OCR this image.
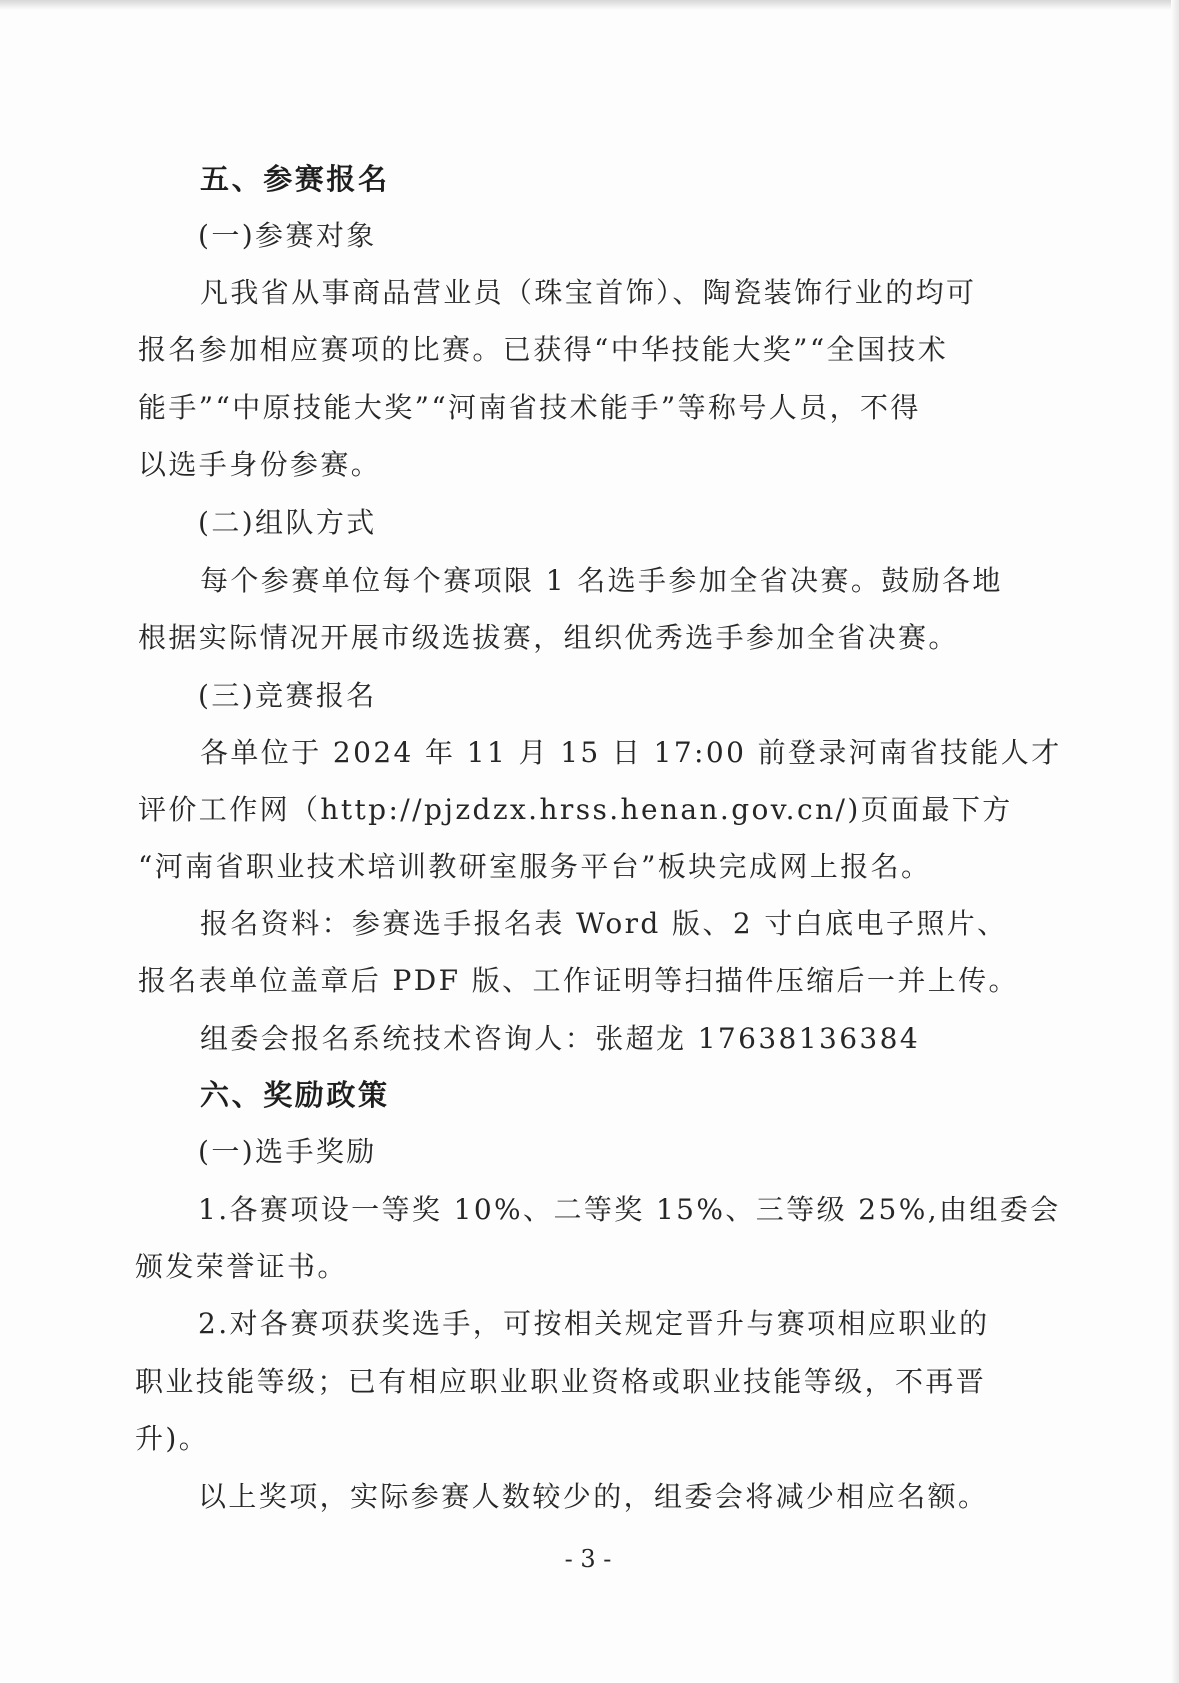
五、参赛报名
(一)参赛对象
凡我省从事商品营业员（珠宝首饰）、陶瓷装饰行业的均可
报名参加相应赛项的比赛。已获得“中华技能大奖”“全国技术
能手”“中原技能大奖”“河南省技术能手”等称号人员，不得
以选手身份参赛。
(二)组队方式
每个参赛单位每个赛项限 1 名选手参加全省决赛。鼓励各地
根据实际情况开展市级选拔赛，组织优秀选手参加全省决赛。
(三)竞赛报名
各单位于 2024 年 11 月 15 日 17:00 前登录河南省技能人才
评价工作网（http://pjzdzx.hrss.henan.gov.cn/)页面最下方
“河南省职业技术培训教研室服务平台”板块完成网上报名。
报名资料：参赛选手报名表 Word 版、2 寸白底电子照片、
报名表单位盖章后 PDF 版、工作证明等扫描件压缩后一并上传。
组委会报名系统技术咨询人：张超龙 17638136384
六、奖励政策
(一)选手奖励
1.各赛项设一等奖 10%、二等奖 15%、三等级 25%,由组委会
颁发荣誉证书。
2.对各赛项获奖选手，可按相关规定晋升与赛项相应职业的
职业技能等级；已有相应职业职业资格或职业技能等级，不再晋
升)。
以上奖项，实际参赛人数较少的，组委会将减少相应名额。
- 3 -
